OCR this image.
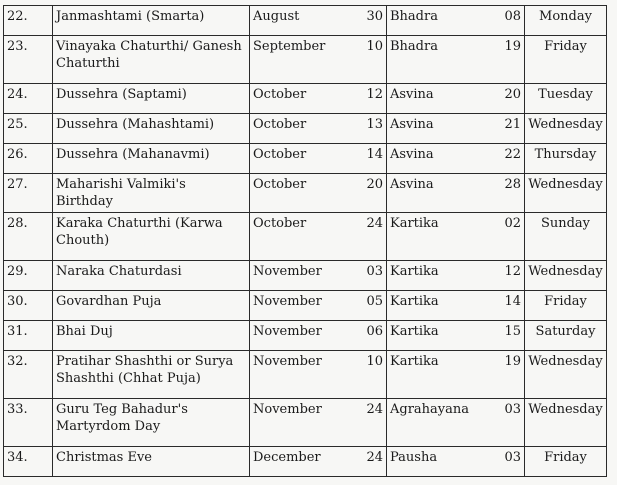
22.	Janmashtami (Smarta)	August	30	Bhadra	08	Monday
23.	Vinayaka Chaturthi/ Ganesh Chaturthi	September	10	Bhadra	19	Friday
24.	Dussehra (Saptami)	October	12	Asvina	20	Tuesday
25.	Dussehra (Mahashtami)	October	13	Asvina	21	Wednesday
26.	Dussehra (Mahanavmi)	October	14	Asvina	22	Thursday
27.	Maharishi Valmiki's Birthday	October	20	Asvina	28	Wednesday
28.	Karaka Chaturthi (Karwa Chouth)	October	24	Kartika	02	Sunday
29.	Naraka Chaturdasi	November	03	Kartika	12	Wednesday
30.	Govardhan Puja	November	05	Kartika	14	Friday
31.	Bhai Duj	November	06	Kartika	15	Saturday
32.	Pratihar Shashthi or Surya Shashthi (Chhat Puja)	November	10	Kartika	19	Wednesday
33.	Guru Teg Bahadur's Martyrdom Day	November	24	Agrahayana	03	Wednesday
34.	Christmas Eve	December	24	Pausha	03	Friday
